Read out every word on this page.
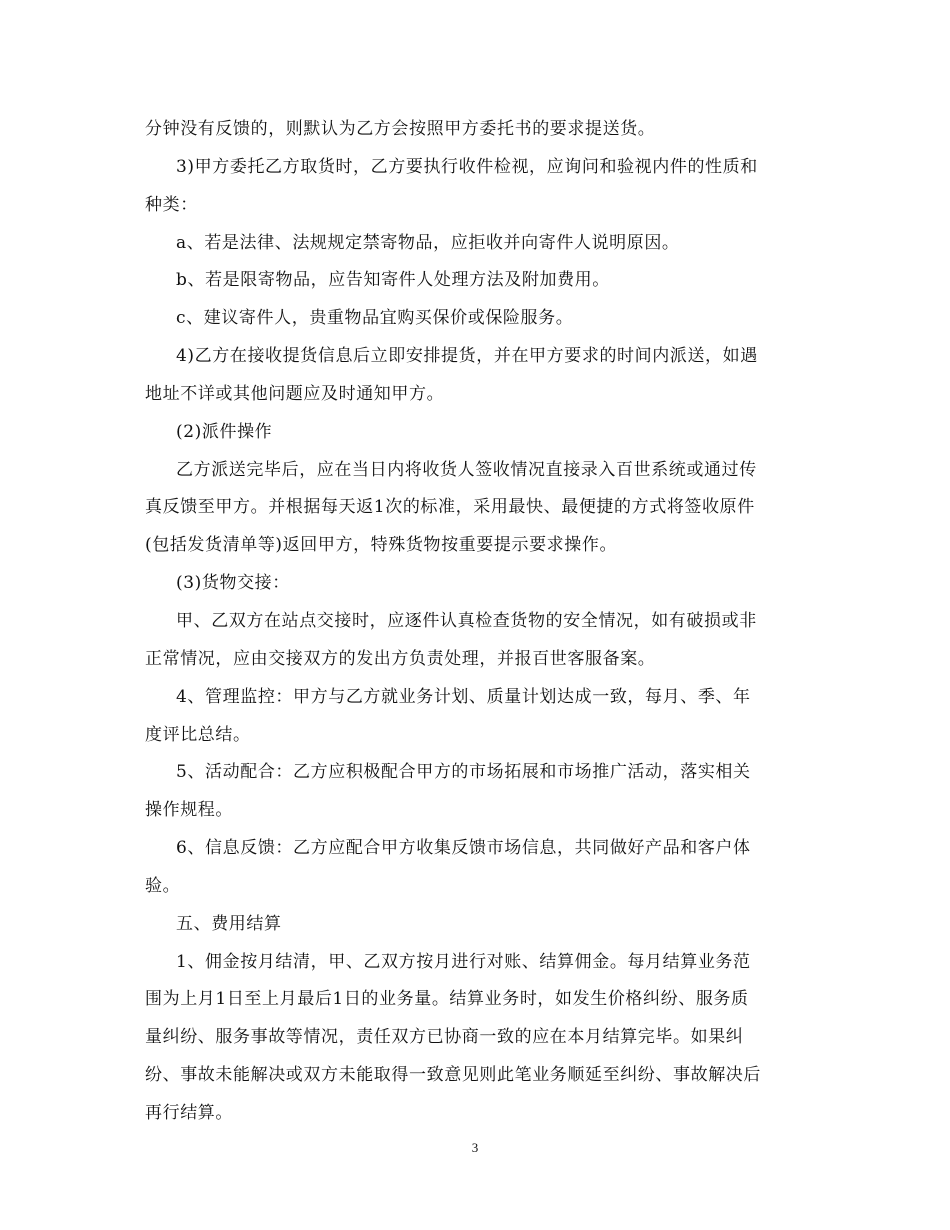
分钟没有反馈的，则默认为乙方会按照甲方委托书的要求提送货。
3)甲方委托乙方取货时，乙方要执行收件检视，应询问和验视内件的性质和
种类：
a、若是法律、法规规定禁寄物品，应拒收并向寄件人说明原因。
b、若是限寄物品，应告知寄件人处理方法及附加费用。
c、建议寄件人，贵重物品宜购买保价或保险服务。
4)乙方在接收提货信息后立即安排提货，并在甲方要求的时间内派送，如遇
地址不详或其他问题应及时通知甲方。
(2)派件操作
乙方派送完毕后，应在当日内将收货人签收情况直接录入百世系统或通过传
真反馈至甲方。并根据每天返1次的标准，采用最快、最便捷的方式将签收原件
(包括发货清单等)返回甲方，特殊货物按重要提示要求操作。
(3)货物交接：
甲、乙双方在站点交接时，应逐件认真检查货物的安全情况，如有破损或非
正常情况，应由交接双方的发出方负责处理，并报百世客服备案。
4、管理监控：甲方与乙方就业务计划、质量计划达成一致，每月、季、年
度评比总结。
5、活动配合：乙方应积极配合甲方的市场拓展和市场推广活动，落实相关
操作规程。
6、信息反馈：乙方应配合甲方收集反馈市场信息，共同做好产品和客户体
验。
五、费用结算
1、佣金按月结清，甲、乙双方按月进行对账、结算佣金。每月结算业务范
围为上月1日至上月最后1日的业务量。结算业务时，如发生价格纠纷、服务质
量纠纷、服务事故等情况，责任双方已协商一致的应在本月结算完毕。如果纠
纷、事故未能解决或双方未能取得一致意见则此笔业务顺延至纠纷、事故解决后
再行结算。
3
